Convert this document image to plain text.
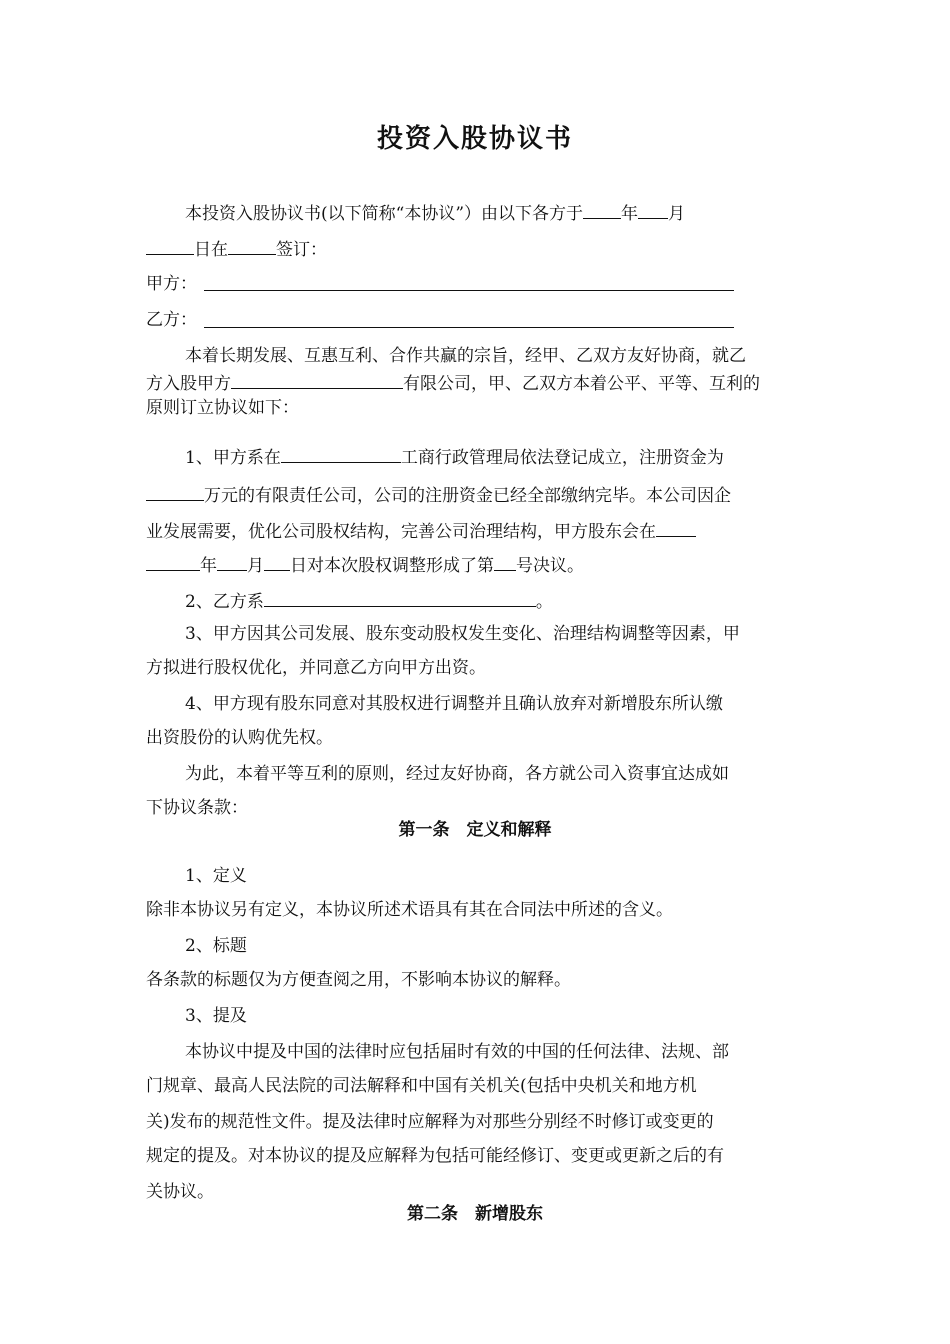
投资入股协议书
本投资入股协议书(以下简称“本协议”）由以下各方于 年 月
日在	签订：
甲方：
乙方：
本着长期发展、互惠互利、合作共赢的宗旨，经甲、乙双方友好协商，就乙
方入股甲方	有限公司，甲、乙双方本着公平、平等、互利的
原则订立协议如下：
1、甲方系在	工商行政管理局依法登记成立，注册资金为
万元的有限责任公司，公司的注册资金已经全部缴纳完毕。本公司因企
业发展需要，优化公司股权结构，完善公司治理结构，甲方股东会在
年 月 日对本次股权调整形成了第 号决议。
2、乙方系	。
3、甲方因其公司发展、股东变动股权发生变化、治理结构调整等因素，甲
方拟进行股权优化，并同意乙方向甲方出资。
4、甲方现有股东同意对其股权进行调整并且确认放弃对新增股东所认缴
出资股份的认购优先权。
为此，本着平等互利的原则，经过友好协商，各方就公司入资事宜达成如
下协议条款：
第一条　定义和解释
1、定义
除非本协议另有定义，本协议所述术语具有其在合同法中所述的含义。
2、标题
各条款的标题仅为方便查阅之用，不影响本协议的解释。
3、提及
本协议中提及中国的法律时应包括届时有效的中国的任何法律、法规、部
门规章、最高人民法院的司法解释和中国有关机关(包括中央机关和地方机
关)发布的规范性文件。提及法律时应解释为对那些分别经不时修订或变更的
规定的提及。对本协议的提及应解释为包括可能经修订、变更或更新之后的有
关协议。
第二条　新增股东
